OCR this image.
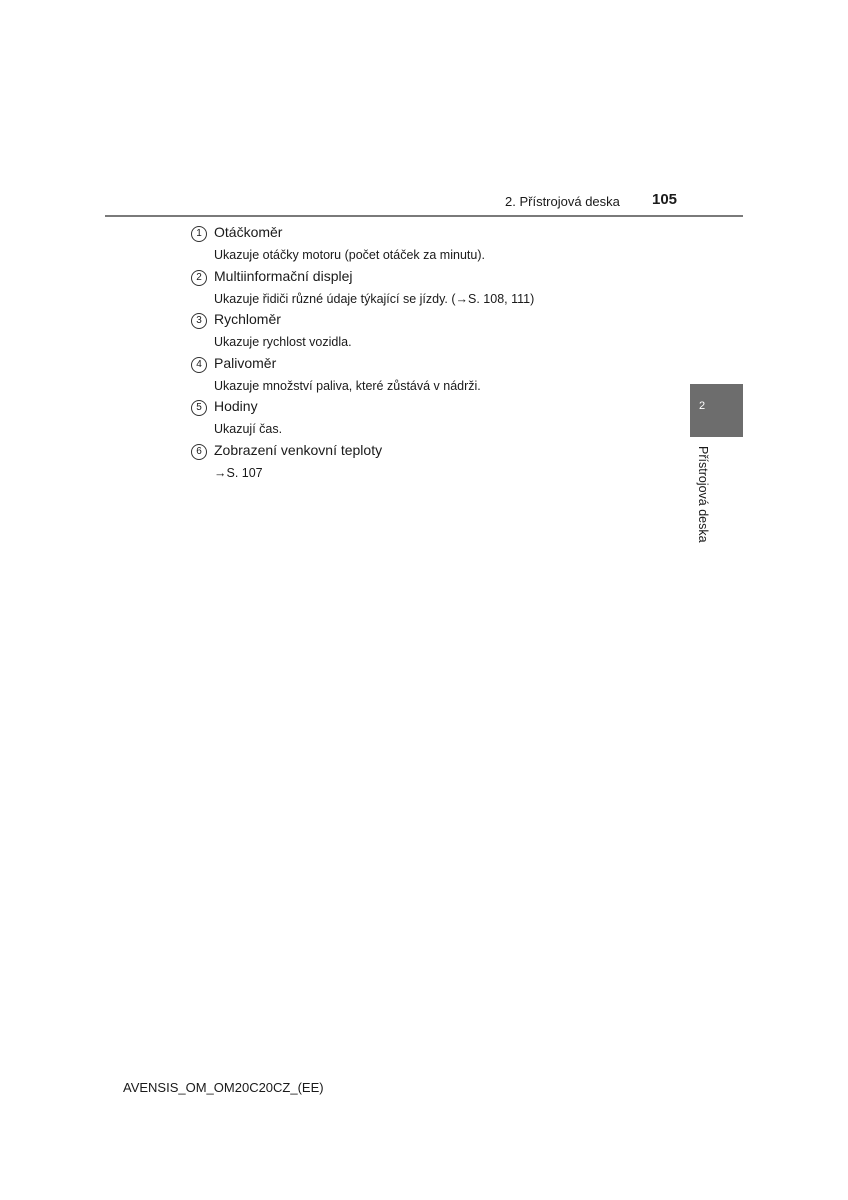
2. Přístrojová deska 105
1 Otáčkoměr
Ukazuje otáčky motoru (počet otáček za minutu).
2 Multiinformační displej
Ukazuje řidiči různé údaje týkající se jízdy. (→S. 108, 111)
3 Rychloměr
Ukazuje rychlost vozidla.
4 Palivoměr
Ukazuje množství paliva, které zůstává v nádrži.
5 Hodiny
Ukazují čas.
6 Zobrazení venkovní teploty
→S. 107
2
Přístrojová deska
AVENSIS_OM_OM20C20CZ_(EE)
